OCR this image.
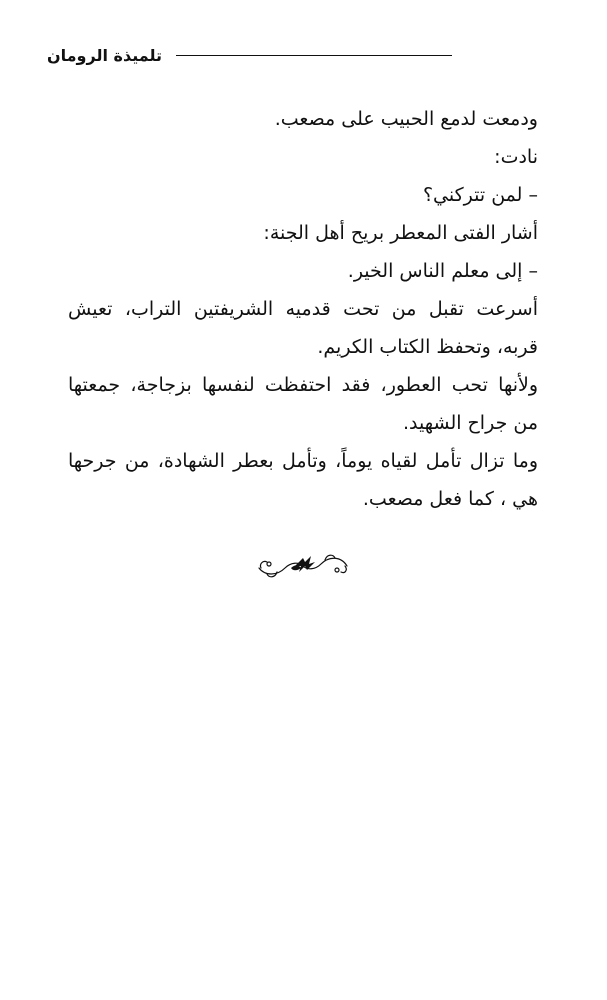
تلميذة الرومان

ودمعت لدمع الحبيب على مصعب.

نادت:

– لمن تتركني؟

أشار الفتى المعطر بريح أهل الجنة:

– إلى معلم الناس الخير.

أسرعت تقبل من تحت قدميه الشريفتين التراب، تعيش قربه، وتحفظ الكتاب الكريم.

ولأنها تحب العطور، فقد احتفظت لنفسها بزجاجة، جمعتها من جراح الشهيد.

وما تزال تأمل لقياه يوماً، وتأمل بعطر الشهادة، من جرحها هي ، كما فعل مصعب.
